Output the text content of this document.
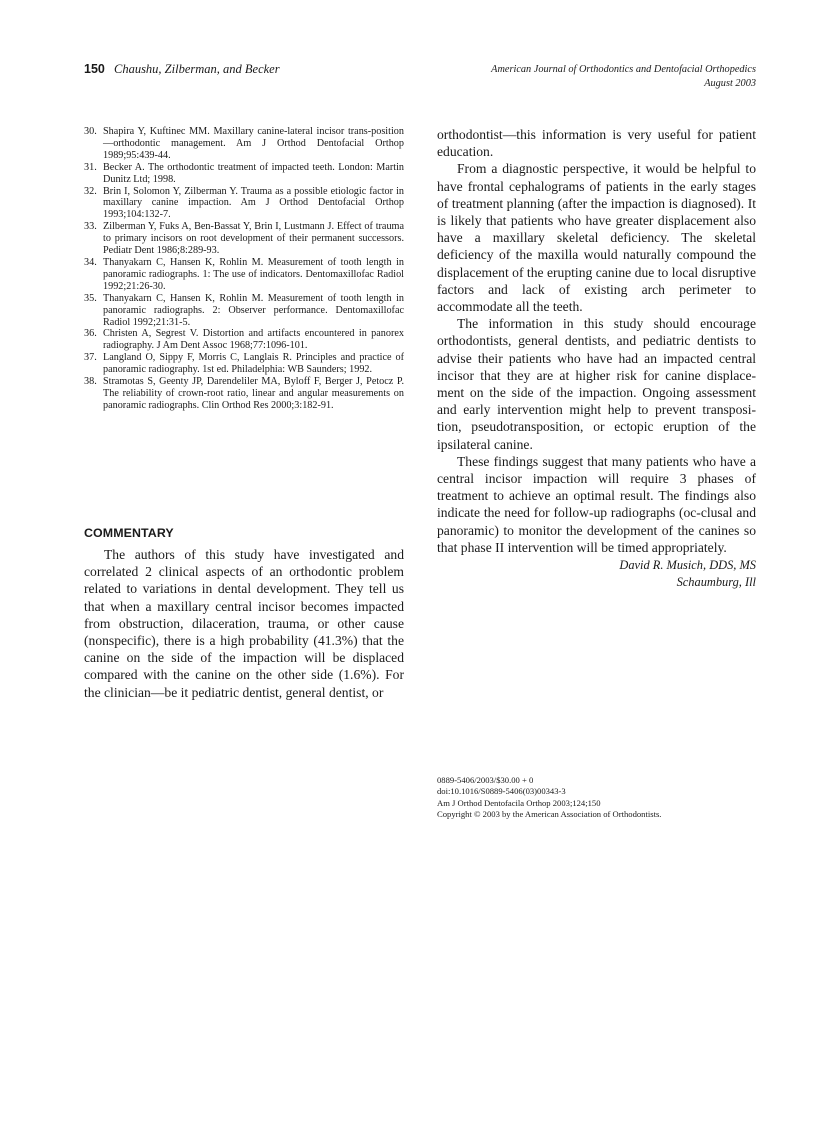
150 Chaushu, Zilberman, and Becker	American Journal of Orthodontics and Dentofacial Orthopedics
August 2003
30. Shapira Y, Kuftinec MM. Maxillary canine-lateral incisor trans-position—orthodontic management. Am J Orthod Dentofacial Orthop 1989;95:439-44.
31. Becker A. The orthodontic treatment of impacted teeth. London: Martin Dunitz Ltd; 1998.
32. Brin I, Solomon Y, Zilberman Y. Trauma as a possible etiologic factor in maxillary canine impaction. Am J Orthod Dentofacial Orthop 1993;104:132-7.
33. Zilberman Y, Fuks A, Ben-Bassat Y, Brin I, Lustmann J. Effect of trauma to primary incisors on root development of their permanent successors. Pediatr Dent 1986;8:289-93.
34. Thanyakarn C, Hansen K, Rohlin M. Measurement of tooth length in panoramic radiographs. 1: The use of indicators. Dentomaxillofac Radiol 1992;21:26-30.
35. Thanyakarn C, Hansen K, Rohlin M. Measurement of tooth length in panoramic radiographs. 2: Observer performance. Dentomaxillofac Radiol 1992;21:31-5.
36. Christen A, Segrest V. Distortion and artifacts encountered in panorex radiography. J Am Dent Assoc 1968;77:1096-101.
37. Langland O, Sippy F, Morris C, Langlais R. Principles and practice of panoramic radiography. 1st ed. Philadelphia: WB Saunders; 1992.
38. Stramotas S, Geenty JP, Darendeliler MA, Byloff F, Berger J, Petocz P. The reliability of crown-root ratio, linear and angular measurements on panoramic radiographs. Clin Orthod Res 2000;3:182-91.
COMMENTARY

The authors of this study have investigated and correlated 2 clinical aspects of an orthodontic problem related to variations in dental development. They tell us that when a maxillary central incisor becomes impacted from obstruction, dilaceration, trauma, or other cause (nonspecific), there is a high probability (41.3%) that the canine on the side of the impaction will be displaced compared with the canine on the other side (1.6%). For the clinician—be it pediatric dentist, general dentist, or

orthodontist—this information is very useful for patient education.

From a diagnostic perspective, it would be helpful to have frontal cephalograms of patients in the early stages of treatment planning (after the impaction is diagnosed). It is likely that patients who have greater displacement also have a maxillary skeletal deficiency. The skeletal deficiency of the maxilla would naturally compound the displacement of the erupting canine due to local disruptive factors and lack of existing arch perimeter to accommodate all the teeth.

The information in this study should encourage orthodontists, general dentists, and pediatric dentists to advise their patients who have had an impacted central incisor that they are at higher risk for canine displace-ment on the side of the impaction. Ongoing assessment and early intervention might help to prevent transposi-tion, pseudotransposition, or ectopic eruption of the ipsilateral canine.

These findings suggest that many patients who have a central incisor impaction will require 3 phases of treatment to achieve an optimal result. The findings also indicate the need for follow-up radiographs (oc-clusal and panoramic) to monitor the development of the canines so that phase II intervention will be timed appropriately.

David R. Musich, DDS, MS
Schaumburg, Ill
0889-5406/2003/$30.00 + 0
doi:10.1016/S0889-5406(03)00343-3
Am J Orthod Dentofacila Orthop 2003;124;150
Copyright © 2003 by the American Association of Orthodontists.
